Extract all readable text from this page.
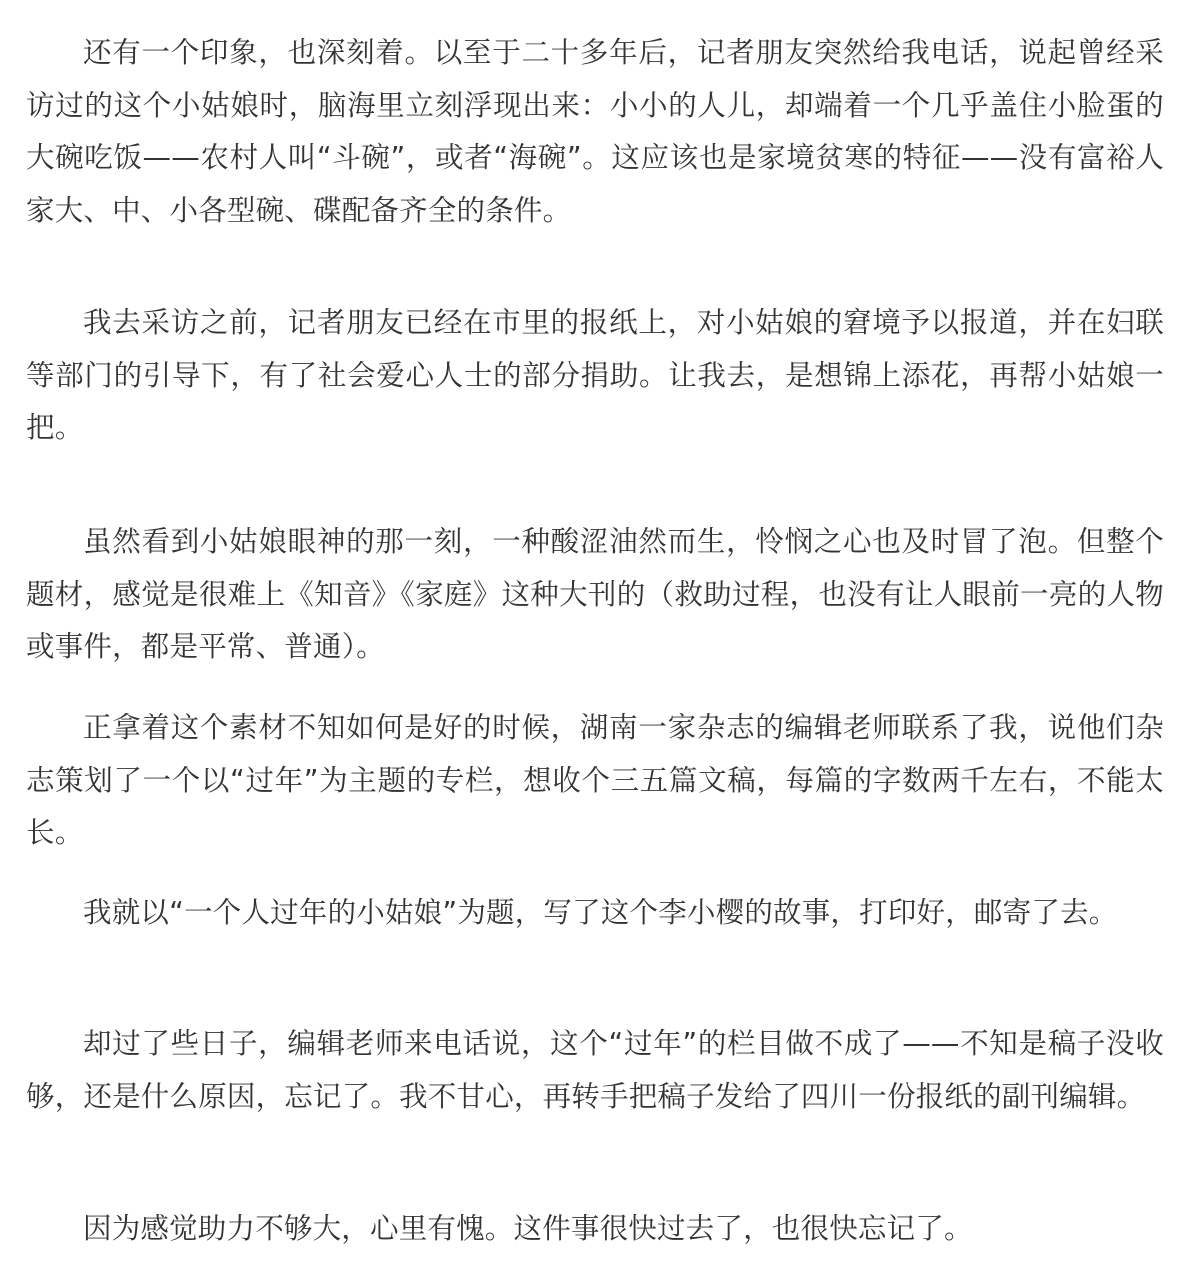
还有一个印象，也深刻着。以至于二十多年后，记者朋友突然给我电话，说起曾经采访过的这个小姑娘时，脑海里立刻浮现出来：小小的人儿，却端着一个几乎盖住小脸蛋的大碗吃饭——农村人叫“斗碗”，或者“海碗”。这应该也是家境贫寒的特征——没有富裕人家大、中、小各型碗、碟配备齐全的条件。

我去采访之前，记者朋友已经在市里的报纸上，对小姑娘的窘境予以报道，并在妇联等部门的引导下，有了社会爱心人士的部分捐助。让我去，是想锦上添花，再帮小姑娘一把。

虽然看到小姑娘眼神的那一刻，一种酸涩油然而生，怜悯之心也及时冒了泡。但整个题材，感觉是很难上《知音》《家庭》这种大刊的（救助过程，也没有让人眼前一亮的人物或事件，都是平常、普通）。

正拿着这个素材不知如何是好的时候，湖南一家杂志的编辑老师联系了我，说他们杂志策划了一个以“过年”为主题的专栏，想收个三五篇文稿，每篇的字数两千左右，不能太长。

我就以“一个人过年的小姑娘”为题，写了这个李小樱的故事，打印好，邮寄了去。

却过了些日子，编辑老师来电话说，这个“过年”的栏目做不成了——不知是稿子没收够，还是什么原因，忘记了。我不甘心，再转手把稿子发给了四川一份报纸的副刊编辑。

因为感觉助力不够大，心里有愧。这件事很快过去了，也很快忘记了。
